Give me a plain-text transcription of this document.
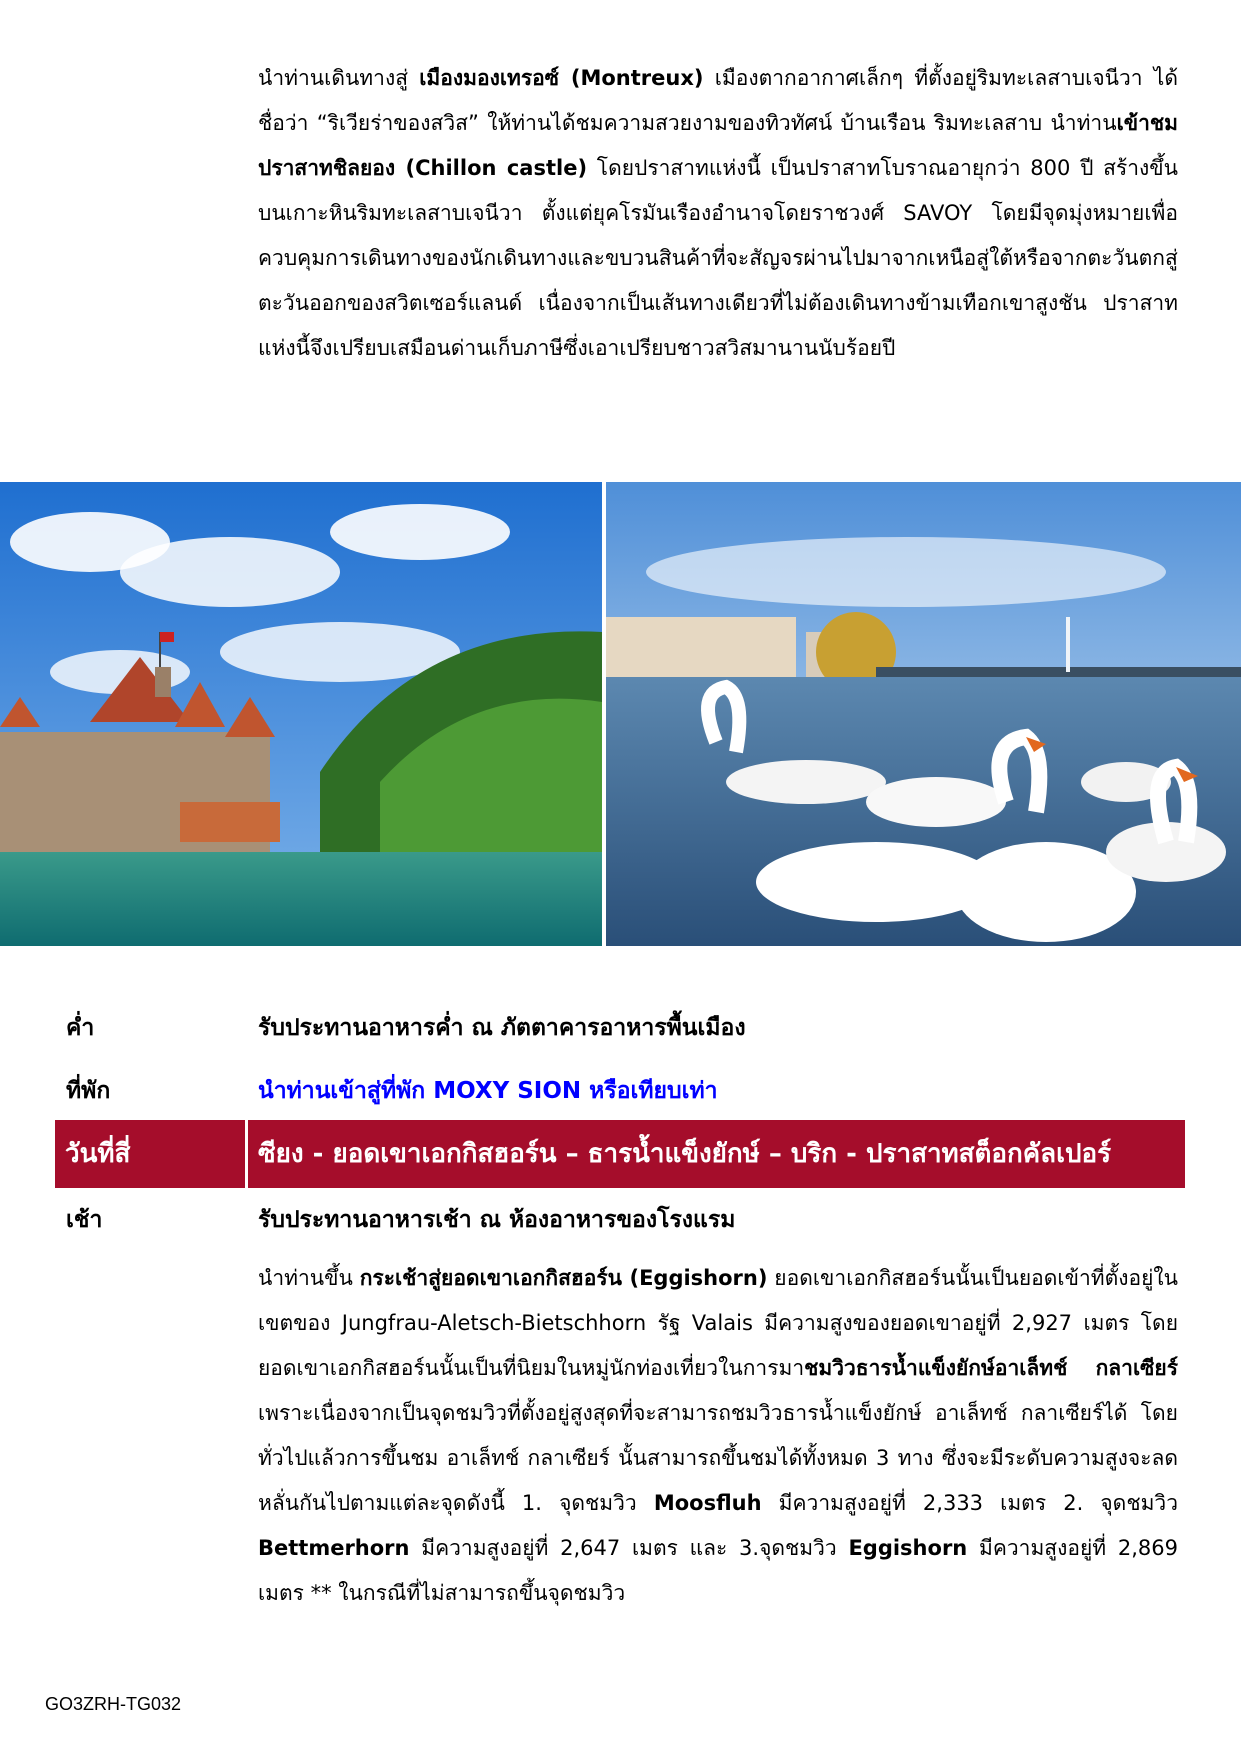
นำท่านเดินทางสู่ เมืองมองเทรอซ์ (Montreux) เมืองตากอากาศเล็กๆ ที่ตั้งอยู่ริมทะเลสาบเจนีวา ได้ชื่อว่า “ริเวียร่าของสวิส” ให้ท่านได้ชมความสวยงามของทิวทัศน์ บ้านเรือน ริมทะเลสาบ นำท่านเข้าชมปราสาทชิลยอง (Chillon castle) โดยปราสาทแห่งนี้ เป็นปราสาทโบราณอายุกว่า 800 ปี สร้างขึ้นบนเกาะหินริมทะเลสาบเจนีวา ตั้งแต่ยุคโรมันเรืองอำนาจโดยราชวงศ์ SAVOY โดยมีจุดมุ่งหมายเพื่อควบคุมการเดินทางของนักเดินทางและขบวนสินค้าที่จะสัญจรผ่านไปมาจากเหนือสู่ใต้หรือจากตะวันตกสู่ตะวันออกของสวิตเซอร์แลนด์ เนื่องจากเป็นเส้นทางเดียวที่ไม่ต้องเดินทางข้ามเทือกเขาสูงชัน ปราสาทแห่งนี้จึงเปรียบเสมือนด่านเก็บภาษีซึ่งเอาเปรียบชาวสวิสมานานนับร้อยปี
ค่ำ	รับประทานอาหารค่ำ ณ ภัตตาคารอาหารพื้นเมือง
ที่พัก	นำท่านเข้าสู่ที่พัก MOXY SION หรือเทียบเท่า
วันที่สี่	ซียง - ยอดเขาเอกกิสฮอร์น – ธารน้ำแข็งยักษ์ – บริก - ปราสาทสต็อกคัลเปอร์
เช้า	รับประทานอาหารเช้า ณ ห้องอาหารของโรงแรม
นำท่านขึ้น กระเช้าสู่ยอดเขาเอกกิสฮอร์น (Eggishorn) ยอดเขาเอกกิสฮอร์นนั้นเป็นยอดเข้าที่ตั้งอยู่ในเขตของ Jungfrau-Aletsch-Bietschhorn รัฐ Valais มีความสูงของยอดเขาอยู่ที่ 2,927 เมตร โดยยอดเขาเอกกิสฮอร์นนั้นเป็นที่นิยมในหมู่นักท่องเที่ยวในการมาชมวิวธารน้ำแข็งยักษ์อาเล็ทช์ กลาเซียร์ เพราะเนื่องจากเป็นจุดชมวิวที่ตั้งอยู่สูงสุดที่จะสามารถชมวิวธารน้ำแข็งยักษ์ อาเล็ทช์ กลาเซียร์ได้ โดยทั่วไปแล้วการขึ้นชม อาเล็ทช์ กลาเซียร์ นั้นสามารถขึ้นชมได้ทั้งหมด 3 ทาง ซึ่งจะมีระดับความสูงจะลดหลั่นกันไปตามแต่ละจุดดังนี้ 1. จุดชมวิว Moosfluh มีความสูงอยู่ที่ 2,333 เมตร 2. จุดชมวิว Bettmerhorn มีความสูงอยู่ที่ 2,647 เมตร และ 3.จุดชมวิว Eggishorn มีความสูงอยู่ที่ 2,869 เมตร ** ในกรณีที่ไม่สามารถขึ้นจุดชมวิว
GO3ZRH-TG032
